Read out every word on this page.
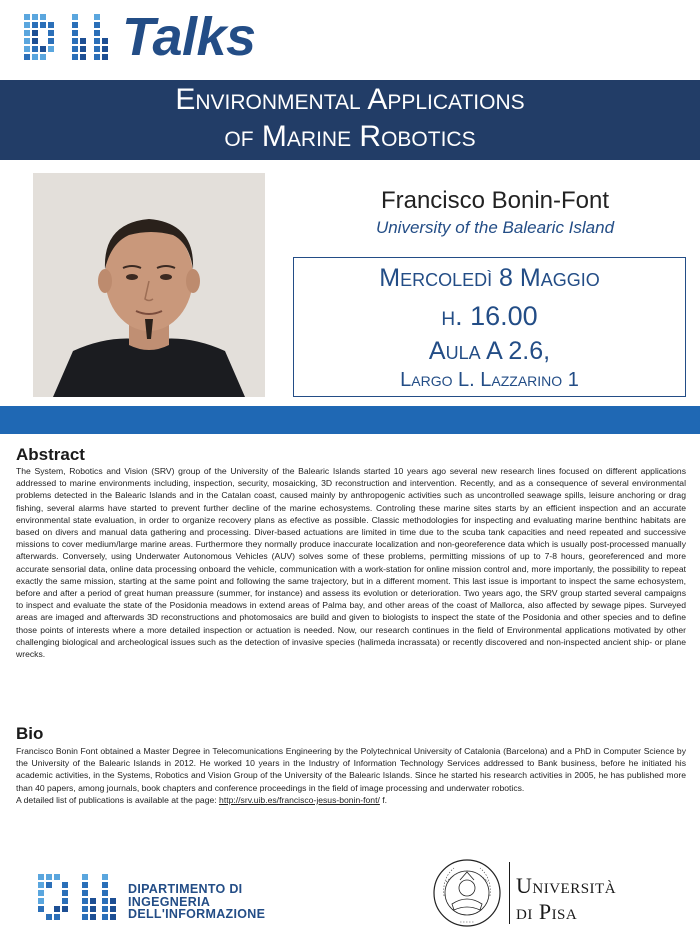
Talks
Environmental Applications
of Marine Robotics
Francisco Bonin-Font
University of the Balearic Island
Mercoledì 8 Maggio
h. 16.00
Aula A 2.6,
Largo L. Lazzarino 1
Abstract
The System, Robotics and Vision (SRV) group of the University of the Balearic Islands started 10 years ago several new research lines focused on different applications addressed to marine environments including, inspection, security, mosaicking, 3D reconstruction and intervention. Recently, and as a consequence of several environmental problems detected in the Balearic Islands and in the Catalan coast, caused mainly by anthropogenic activities such as uncontrolled seawage spills, leisure anchoring or drag fishing, several alarms have started to prevent further decline of the marine echosystems. Controling these marine sites starts by an efficient inspection and an accurate environmental state evaluation, in order to organize recovery plans as efective as possible. Classic methodologies for inspecting and evaluating marine benthinc habitats are based on divers and manual data gathering and processing. Diver-based actuations are limited in time due to the scuba tank capacities and need repeated and successive missions to cover medium/large marine areas. Furthermore they normally produce inaccurate localization and non-georeference data which is usually post-processed manually afterwards. Conversely, using Underwater Autonomous Vehicles (AUV) solves some of these problems, permitting missions of up to 7-8 hours, georeferenced and more accurate sensorial data, online data processing onboard the vehicle, communication with a work-station for online mission control and, more importanly, the possibility to repeat exactly the same mission, starting at the same point and following the same trajectory, but in a different moment. This last issue is important to inspect the same echosystem, before and after a period of great human preassure (summer, for instance) and assess its evolution or deterioration. Two years ago, the SRV group started several campaigns to inspect and evaluate the state of the Posidonia meadows in extend areas of Palma bay, and other areas of the coast of Mallorca, also affected by sewage pipes. Surveyed areas are imaged and afterwards 3D reconstructions and photomosaics are build and given to biologists to inspect the state of the Posidonia and other species and to define those points of interests where a more detailed inspection or actuation is needed. Now, our research continues in the field of Environmental applications motivated by other challenging biological and archeological issues such as the detection of invasive species (halimeda incrassata) or recently discovered and non-inspected ancient ship- or plane wrecks.
Bio
Francisco Bonin Font obtained a Master Degree in Telecomunications Engineering by the Polytechnical University of Catalonia (Barcelona) and a PhD in Computer Science by the University of the Balearic Islands in 2012. He worked 10 years in the Industry of Information Technology Services addressed to Bank business, before he initiated his academic activities, in the Systems, Robotics and Vision Group of the University of the Balearic Islands. Since he started his research activities in 2005, he has published more than 40 papers, among journals, book chapters and conference proceedings in the field of image processing and underwater robotics.
A detailed list of publications is available at the page: http://srv.uib.es/francisco-jesus-bonin-font/ f.
DIPARTIMENTO DI
INGEGNERIA
DELL'INFORMAZIONE
Università
di Pisa
